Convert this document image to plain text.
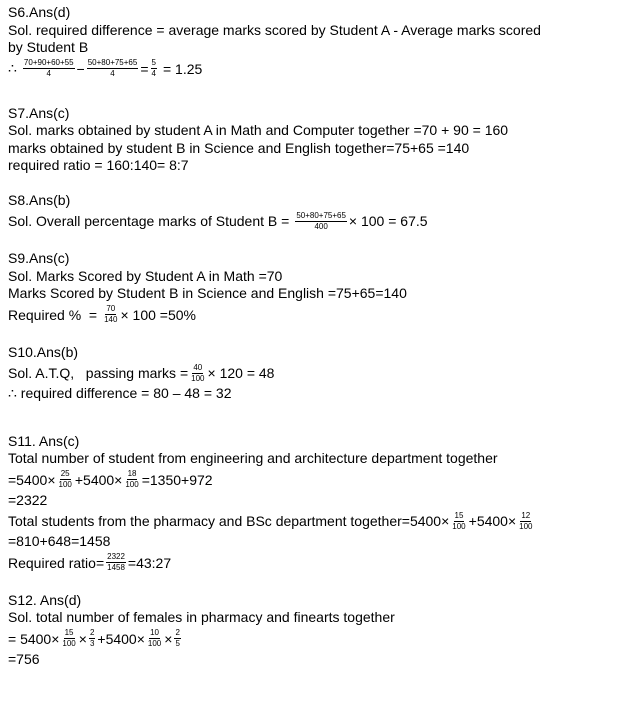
S6.Ans(d)
Sol. required difference = average marks scored by Student A - Average marks scored
by Student B
∴ $\frac{70+90+60+55}{4} - \frac{50+80+75+65}{4} = \frac{5}{4} = 1.25$
S7.Ans(c)
Sol. marks obtained by student A in Math and Computer together =70 + 90 = 160
marks obtained by student B in Science and English together=75+65 =140
required ratio = 160:140= 8:7
S8.Ans(b)
Sol. Overall percentage marks of Student $B = \frac{50+80+75+65}{400} \times 100 = 67.5$
S9.Ans(c)
Sol. Marks Scored by Student A in Math =70
Marks Scored by Student B in Science and English =75+65=140
Required %  = $\frac{70}{140} \times 100 =50\%$
S10.Ans(b)
Sol. A.T.Q,   passing marks = $\frac{40}{100} \times 120 = 48$
∴ required difference = 80 – 48 = 32
S11. Ans(c)
Total number of student from engineering and architecture department together
$=5400\times \frac{25}{100} +5400\times \frac{18}{100} =1350+972$
=2322
Total students from the pharmacy and BSc department together=5400× $\frac{15}{100} +5400\times \frac{12}{100}$
=810+648=1458
Required ratio= $\frac{2322}{1458}$ =43:27
S12. Ans(d)
Sol. total number of females in pharmacy and finearts together
= $5400\times \frac{15}{100} \times \frac{2}{3} +5400\times \frac{10}{100} \times \frac{2}{5}$
=756
